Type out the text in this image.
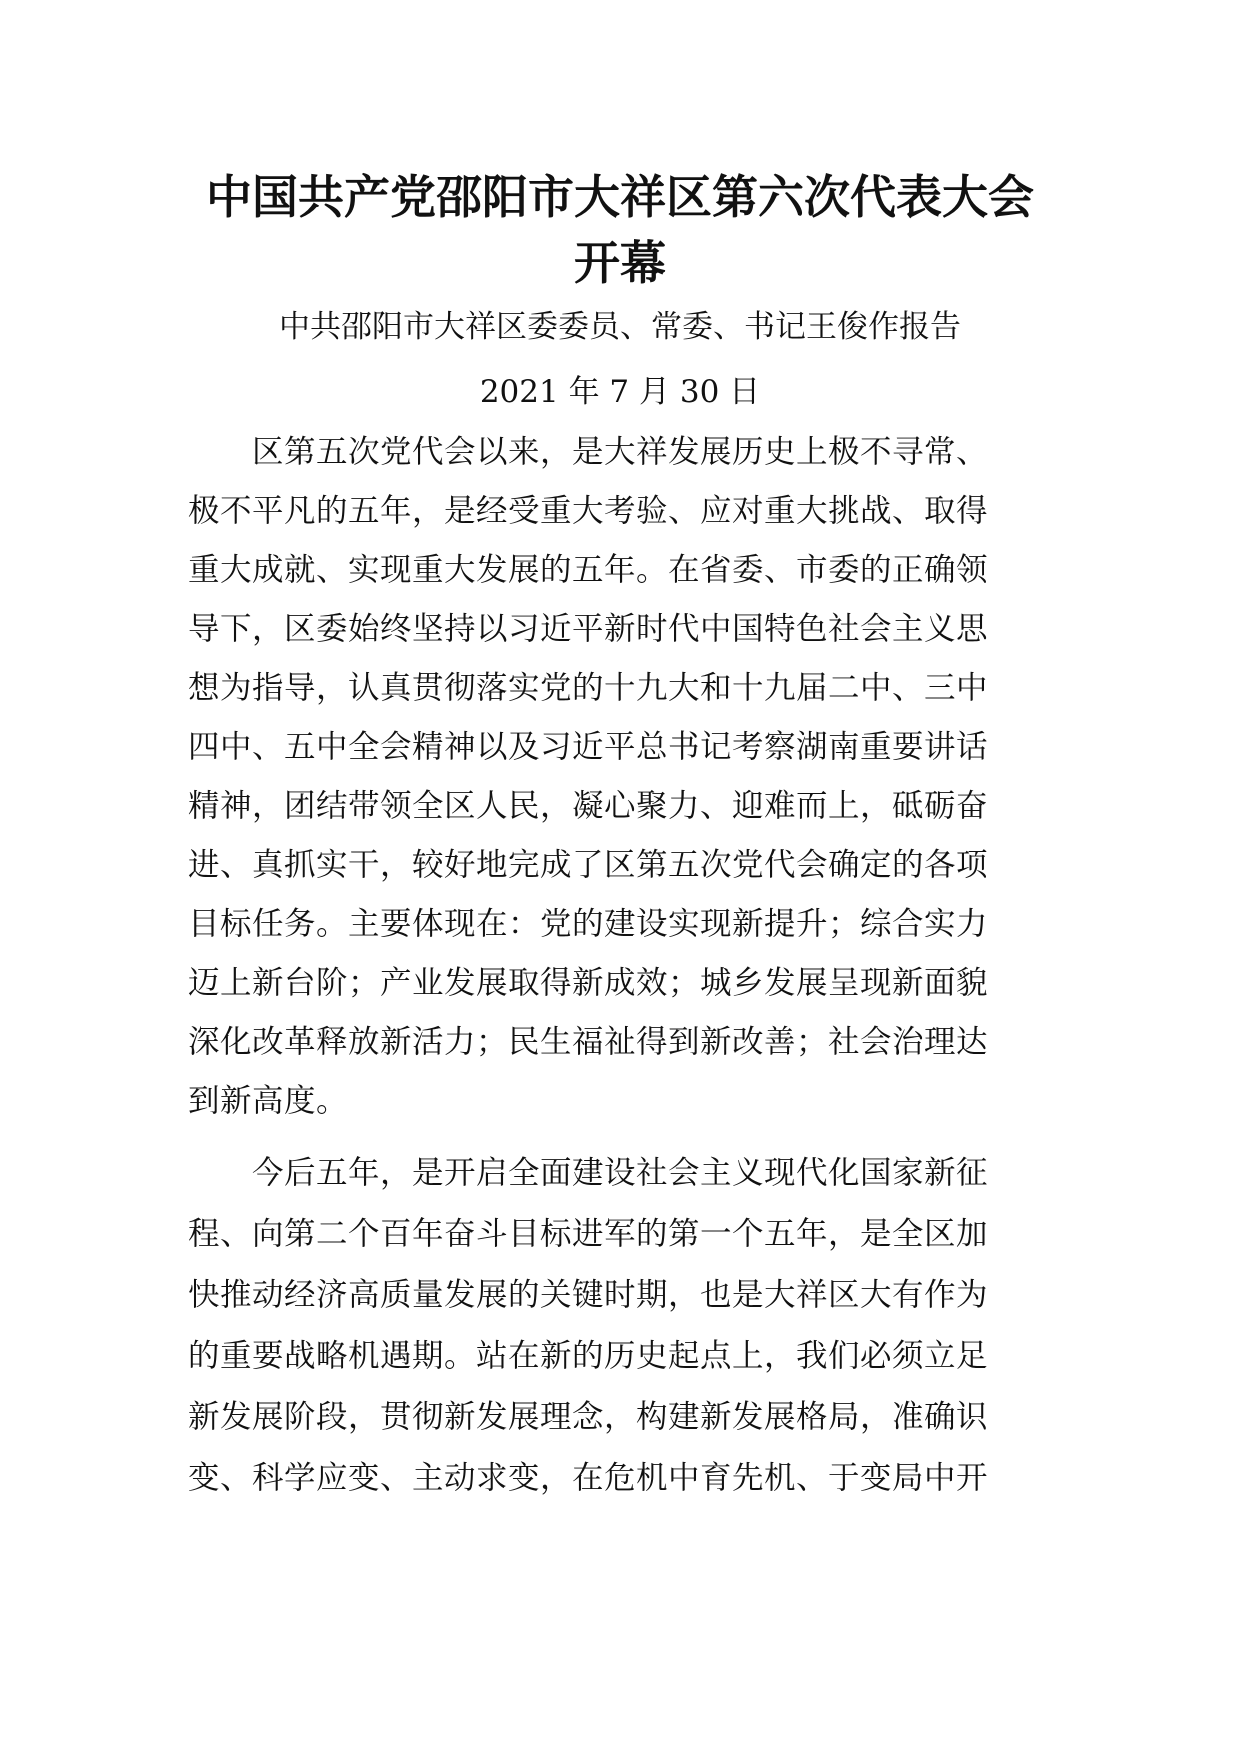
中国共产党邵阳市大祥区第六次代表大会
开幕
中共邵阳市大祥区委委员、常委、书记王俊作报告
2021 年 7 月 30 日
区第五次党代会以来，是大祥发展历史上极不寻常、
极不平凡的五年，是经受重大考验、应对重大挑战、取得
重大成就、实现重大发展的五年。在省委、市委的正确领
导下，区委始终坚持以习近平新时代中国特色社会主义思
想为指导，认真贯彻落实党的十九大和十九届二中、三中
四中、五中全会精神以及习近平总书记考察湖南重要讲话
精神，团结带领全区人民，凝心聚力、迎难而上，砥砺奋
进、真抓实干，较好地完成了区第五次党代会确定的各项
目标任务。主要体现在：党的建设实现新提升；综合实力
迈上新台阶；产业发展取得新成效；城乡发展呈现新面貌
深化改革释放新活力；民生福祉得到新改善；社会治理达
到新高度。
今后五年，是开启全面建设社会主义现代化国家新征
程、向第二个百年奋斗目标进军的第一个五年，是全区加
快推动经济高质量发展的关键时期，也是大祥区大有作为
的重要战略机遇期。站在新的历史起点上，我们必须立足
新发展阶段，贯彻新发展理念，构建新发展格局，准确识
变、科学应变、主动求变，在危机中育先机、于变局中开
